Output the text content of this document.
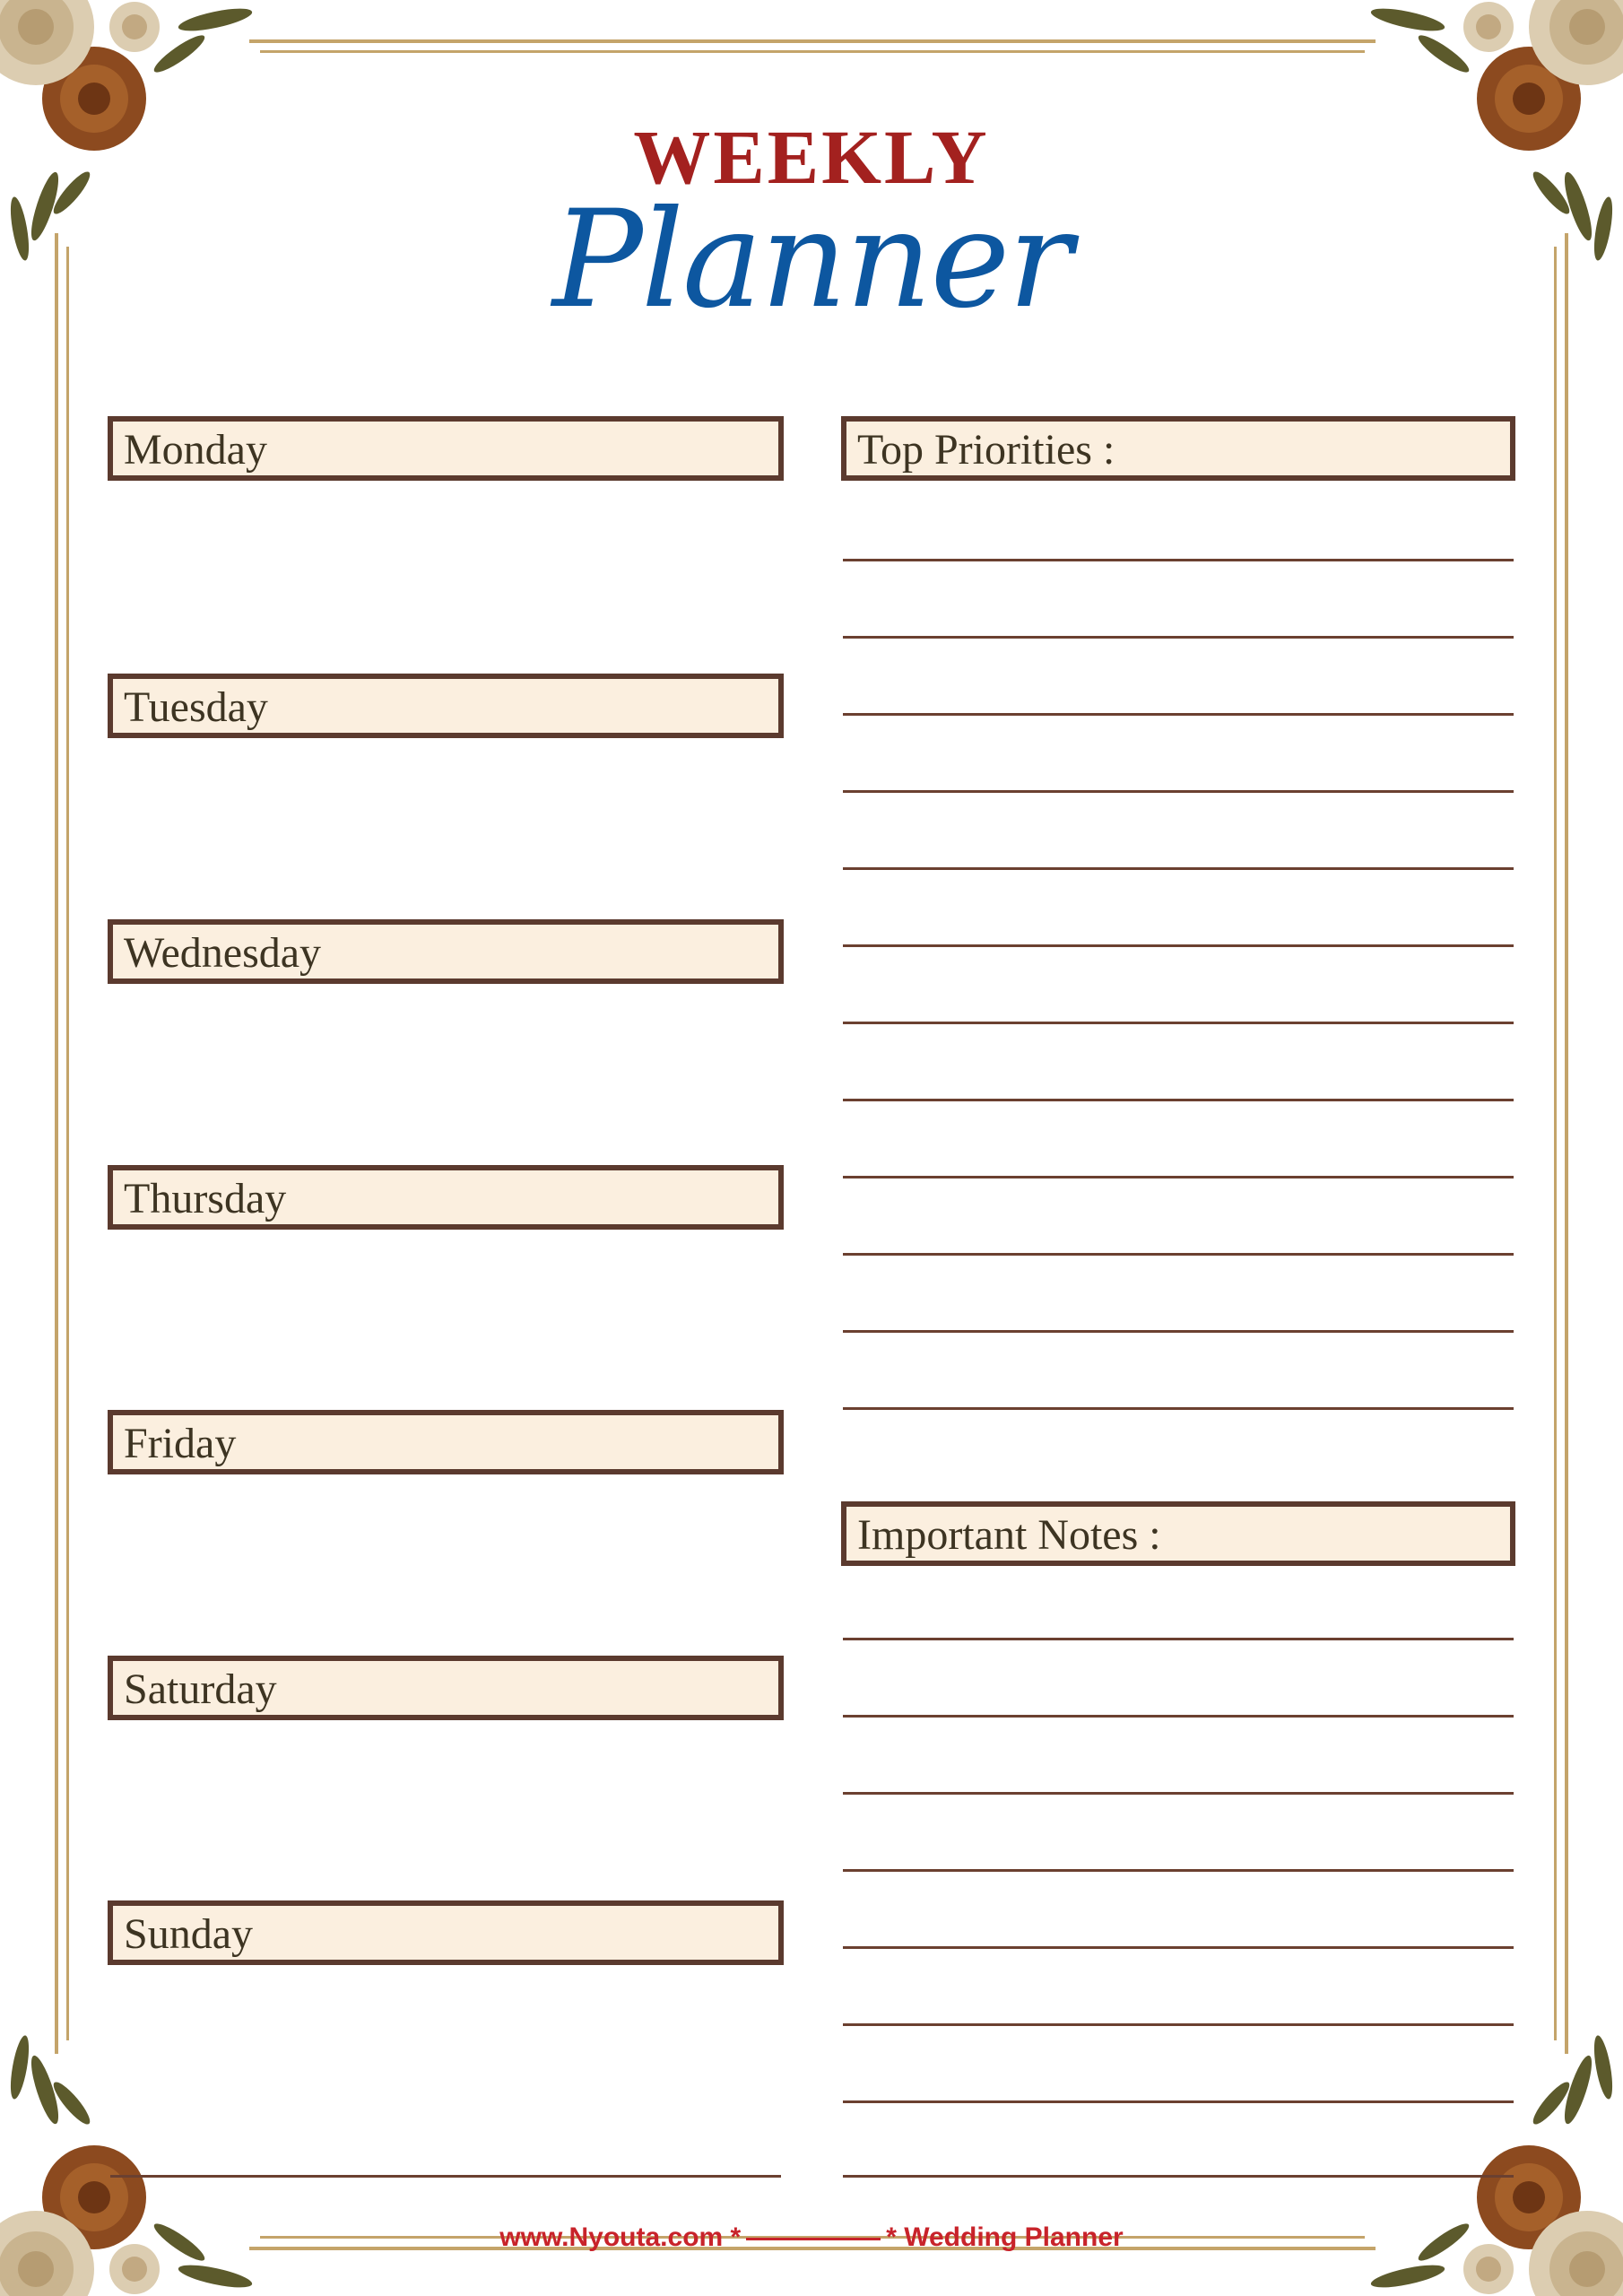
WEEKLY
Planner
Monday
Tuesday
Wednesday
Thursday
Friday
Saturday
Sunday
Top Priorities :
Important Notes :
www.Nyouta.com *	* Wedding Planner
